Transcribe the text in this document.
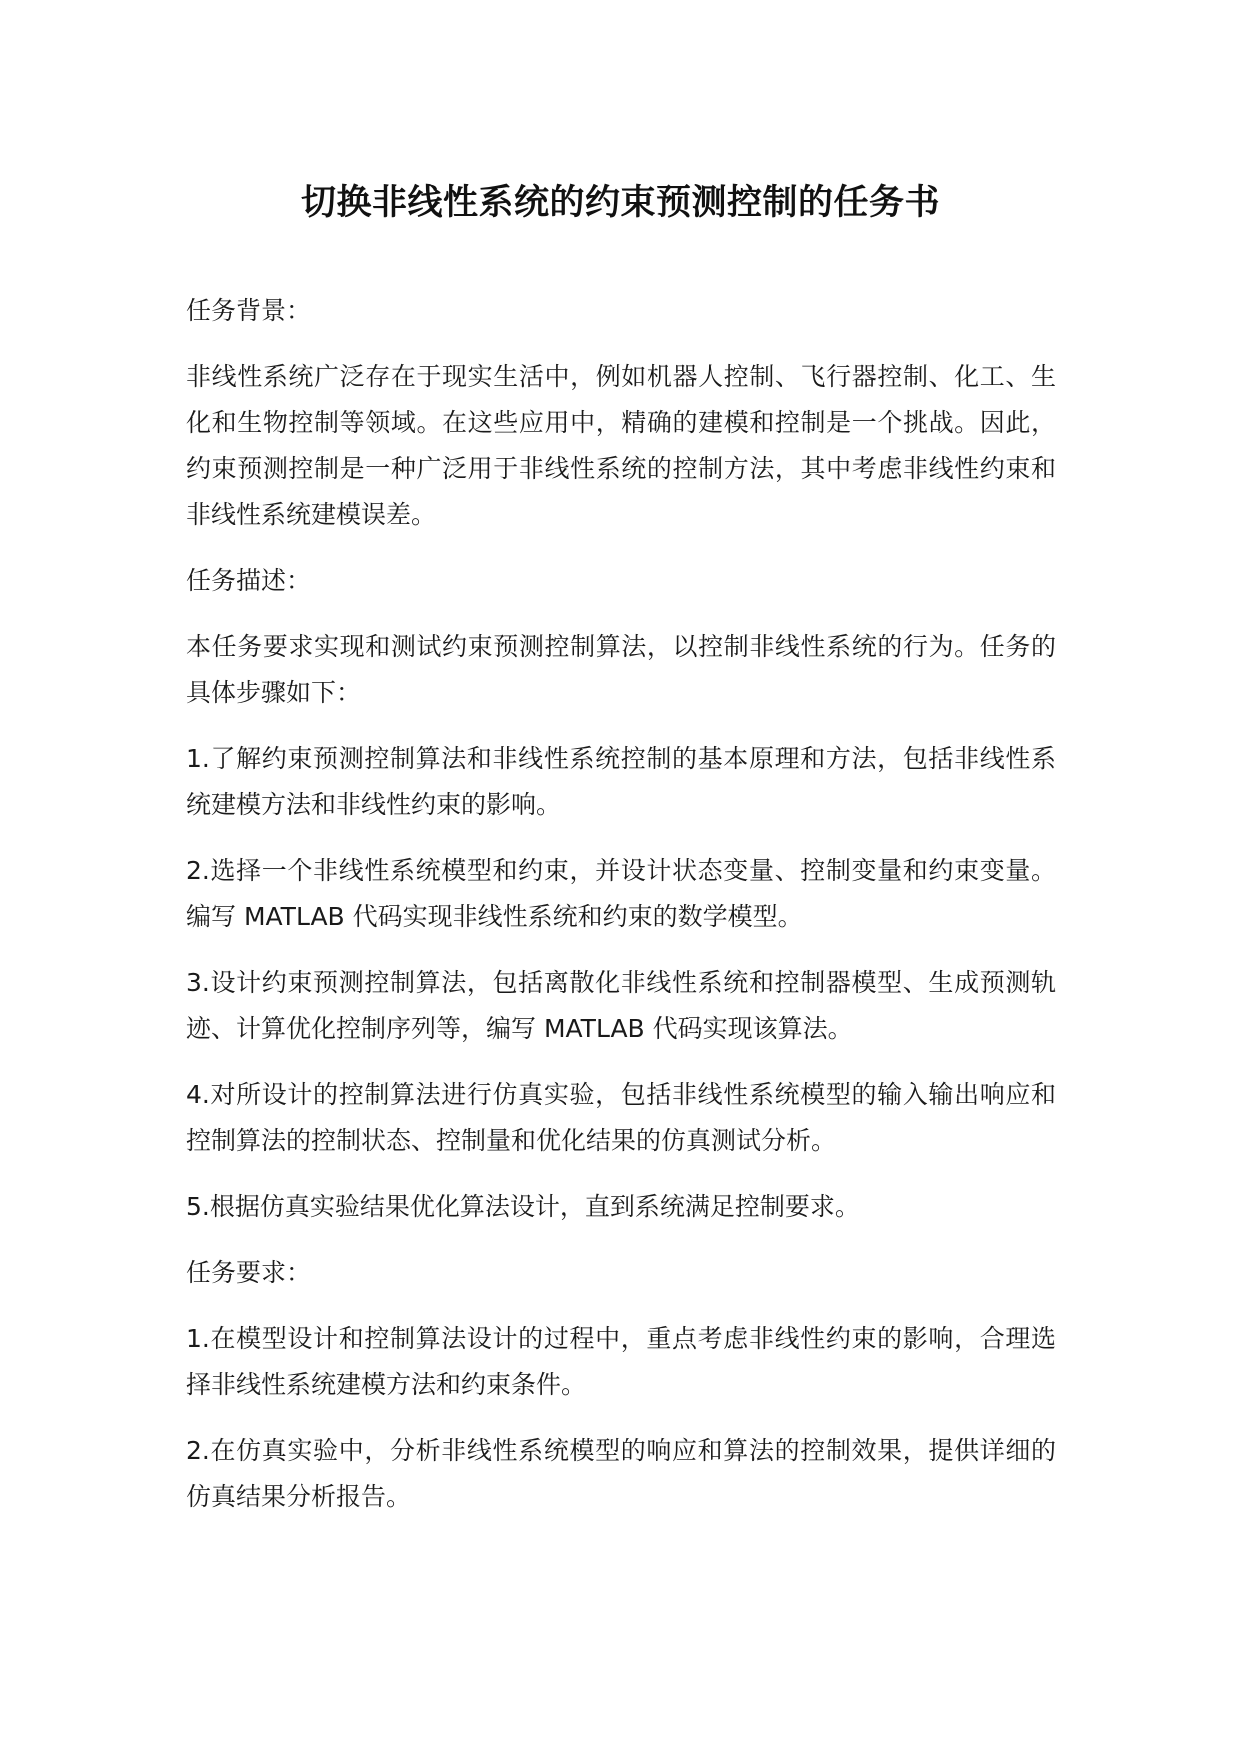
切换非线性系统的约束预测控制的任务书

任务背景：

非线性系统广泛存在于现实生活中，例如机器人控制、飞行器控制、化工、生化和生物控制等领域。在这些应用中，精确的建模和控制是一个挑战。因此，约束预测控制是一种广泛用于非线性系统的控制方法，其中考虑非线性约束和非线性系统建模误差。

任务描述：

本任务要求实现和测试约束预测控制算法，以控制非线性系统的行为。任务的具体步骤如下：

1.了解约束预测控制算法和非线性系统控制的基本原理和方法，包括非线性系统建模方法和非线性约束的影响。

2.选择一个非线性系统模型和约束，并设计状态变量、控制变量和约束变量。编写 MATLAB 代码实现非线性系统和约束的数学模型。

3.设计约束预测控制算法，包括离散化非线性系统和控制器模型、生成预测轨迹、计算优化控制序列等，编写 MATLAB 代码实现该算法。

4.对所设计的控制算法进行仿真实验，包括非线性系统模型的输入输出响应和控制算法的控制状态、控制量和优化结果的仿真测试分析。

5.根据仿真实验结果优化算法设计，直到系统满足控制要求。

任务要求：

1.在模型设计和控制算法设计的过程中，重点考虑非线性约束的影响，合理选择非线性系统建模方法和约束条件。

2.在仿真实验中，分析非线性系统模型的响应和算法的控制效果，提供详细的仿真结果分析报告。
